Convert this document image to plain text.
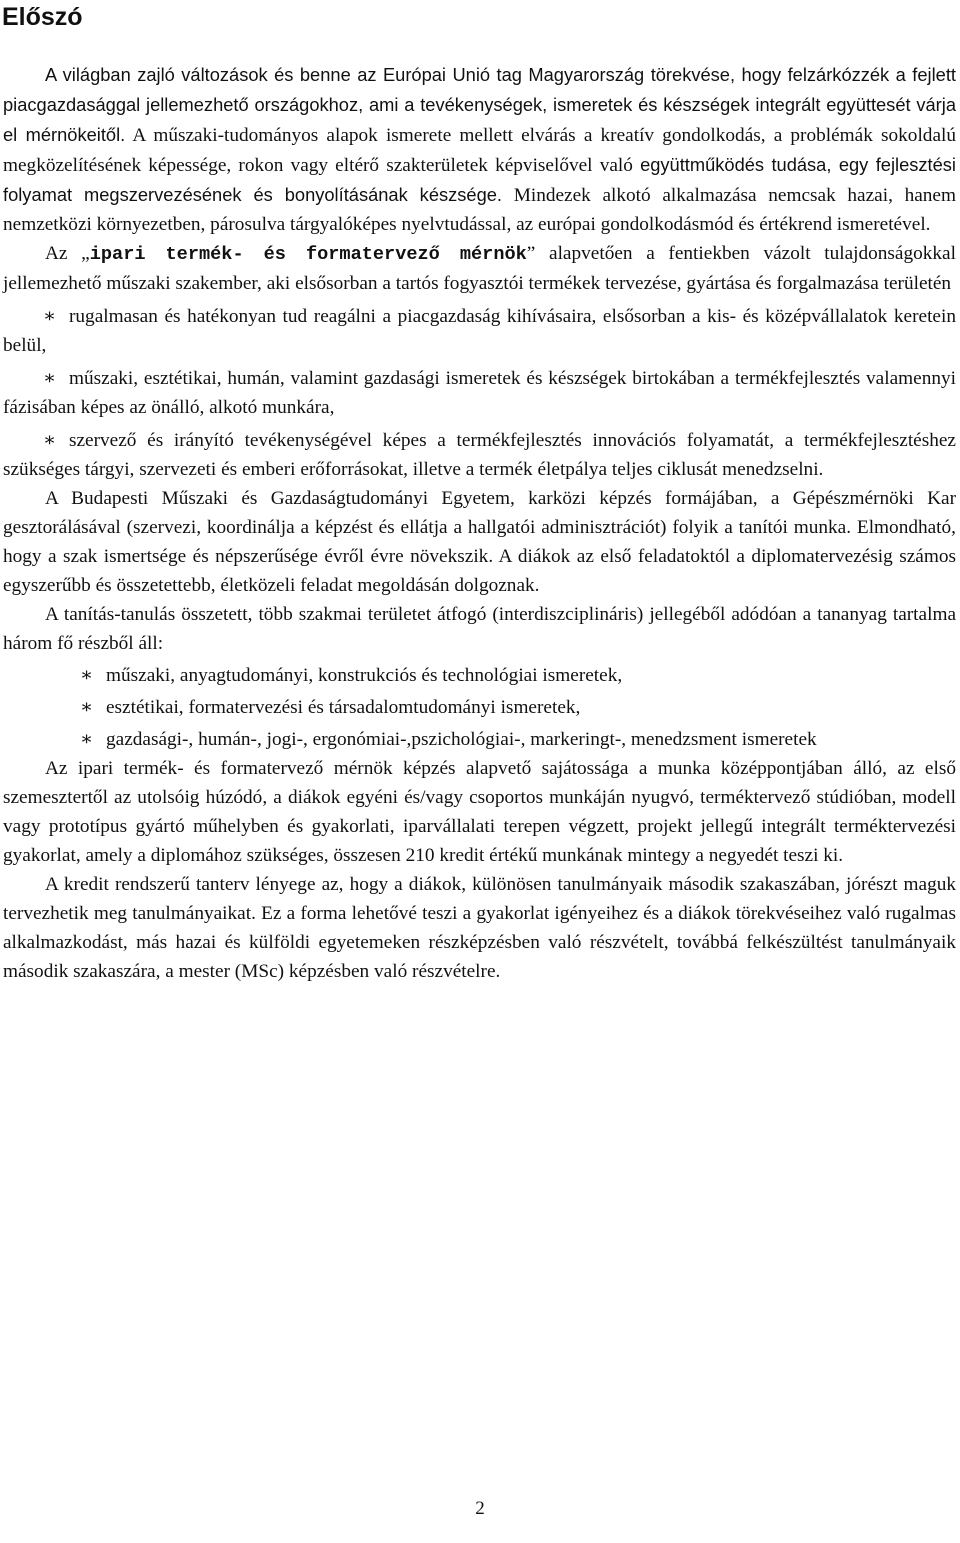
Előszó

A világban zajló változások és benne az Európai Unió tag Magyarország törekvése, hogy felzárkózzék a fejlett piacgazdasággal jellemezhető országokhoz, ami a tevékenységek, ismeretek és készségek integrált együttesét várja el mérnökeitől. A műszaki-tudományos alapok ismerete mellett elvárás a kreatív gondolkodás, a problémák sokoldalú megközelítésének képessége, rokon vagy eltérő szakterületek képviselővel való együttműködés tudása, egy fejlesztési folyamat megszervezésének és bonyolításának készsége. Mindezek alkotó alkalmazása nemcsak hazai, hanem nemzetközi környezetben, párosulva tárgyalóképes nyelvtudással, az európai gondolkodásmód és értékrend ismeretével.

Az „ipari termék- és formatervező mérnök” alapvetően a fentiekben vázolt tulajdonságokkal jellemezhető műszaki szakember, aki elsősorban a tartós fogyasztói termékek tervezése, gyártása és forgalmazása területén

∗ rugalmasan és hatékonyan tud reagálni a piacgazdaság kihívásaira, elsősorban a kis- és középvállalatok keretein belül,

∗ műszaki, esztétikai, humán, valamint gazdasági ismeretek és készségek birtokában a termékfejlesztés valamennyi fázisában képes az önálló, alkotó munkára,

∗ szervező és irányító tevékenységével képes a termékfejlesztés innovációs folyamatát, a termékfejlesztéshez szükséges tárgyi, szervezeti és emberi erőforrásokat, illetve a termék életpálya teljes ciklusát menedzselni.

A Budapesti Műszaki és Gazdaságtudományi Egyetem, karközi képzés formájában, a Gépészmérnöki Kar gesztorálásával (szervezi, koordinálja a képzést és ellátja a hallgatói adminisztrációt) folyik a tanítói munka. Elmondható, hogy a szak ismertsége és népszerűsége évről évre növekszik. A diákok az első feladatoktól a diplomatervezésig számos egyszerűbb és összetettebb, életközeli feladat megoldásán dolgoznak.

A tanítás-tanulás összetett, több szakmai területet átfogó (interdiszciplináris) jellegéből adódóan a tananyag tartalma három fő részből áll:

∗ műszaki, anyagtudományi, konstrukciós és technológiai ismeretek,

∗ esztétikai, formatervezési és társadalomtudományi ismeretek,

∗ gazdasági-, humán-, jogi-, ergonómiai-,pszichológiai-, markeringt-, menedzsment ismeretek

Az ipari termék- és formatervező mérnök képzés alapvető sajátossága a munka középpontjában álló, az első szemesztertől az utolsóig húzódó, a diákok egyéni és/vagy csoportos munkáján nyugvó, terméktervező stúdióban, modell vagy prototípus gyártó műhelyben és gyakorlati, iparvállalati terepen végzett, projekt jellegű integrált terméktervezési gyakorlat, amely a diplomához szükséges, összesen 210 kredit értékű munkának mintegy a negyedét teszi ki.

A kredit rendszerű tanterv lényege az, hogy a diákok, különösen tanulmányaik második szakaszában, jórészt maguk tervezhetik meg tanulmányaikat. Ez a forma lehetővé teszi a gyakorlat igényeihez és a diákok törekvéseihez való rugalmas alkalmazkodást, más hazai és külföldi egyetemeken részképzésben való részvételt, továbbá felkészültést tanulmányaik második szakaszára, a mester (MSc) képzésben való részvételre.

2
